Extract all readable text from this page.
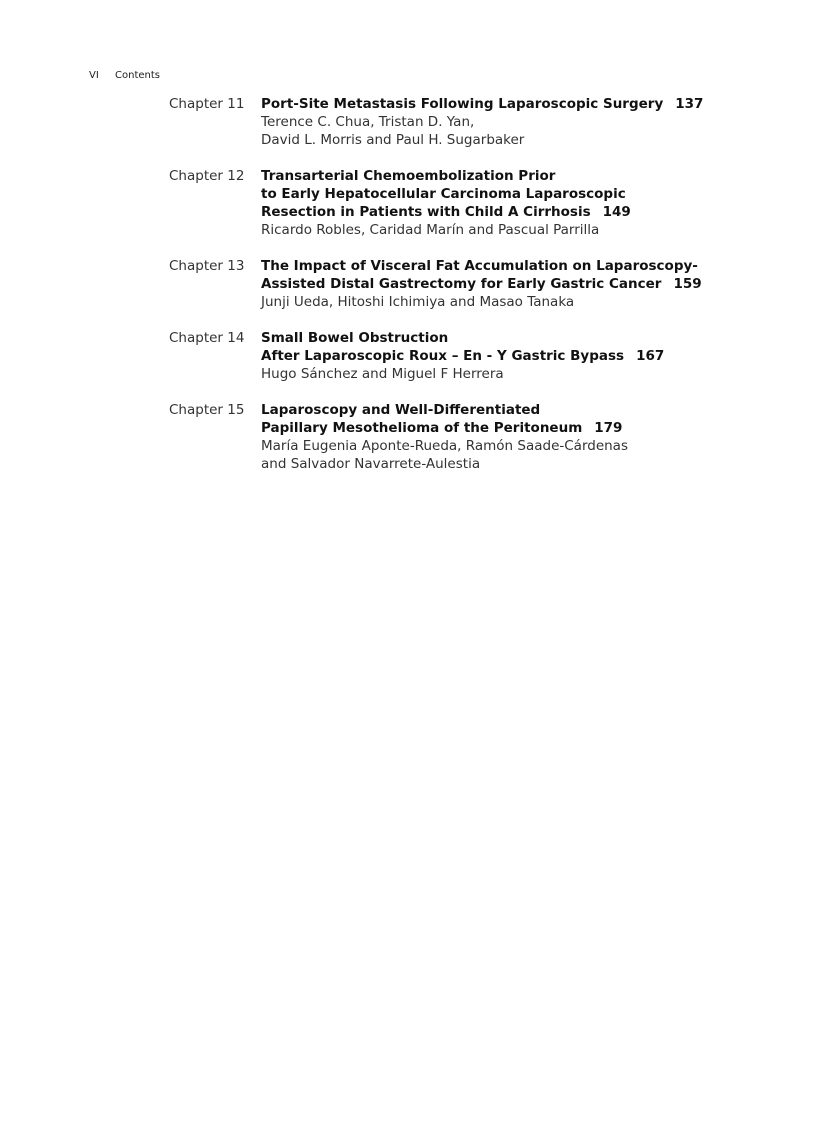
VI Contents
Chapter 11	Port-Site Metastasis Following Laparoscopic Surgery 137
Terence C. Chua, Tristan D. Yan,
David L. Morris and Paul H. Sugarbaker
Chapter 12	Transarterial Chemoembolization Prior
to Early Hepatocellular Carcinoma Laparoscopic
Resection in Patients with Child A Cirrhosis 149
Ricardo Robles, Caridad Marín and Pascual Parrilla
Chapter 13	The Impact of Visceral Fat Accumulation on Laparoscopy-
Assisted Distal Gastrectomy for Early Gastric Cancer 159
Junji Ueda, Hitoshi Ichimiya and Masao Tanaka
Chapter 14	Small Bowel Obstruction
After Laparoscopic Roux – En - Y Gastric Bypass 167
Hugo Sánchez and Miguel F Herrera
Chapter 15	Laparoscopy and Well-Differentiated
Papillary Mesothelioma of the Peritoneum 179
María Eugenia Aponte-Rueda, Ramón Saade-Cárdenas
and Salvador Navarrete-Aulestia
